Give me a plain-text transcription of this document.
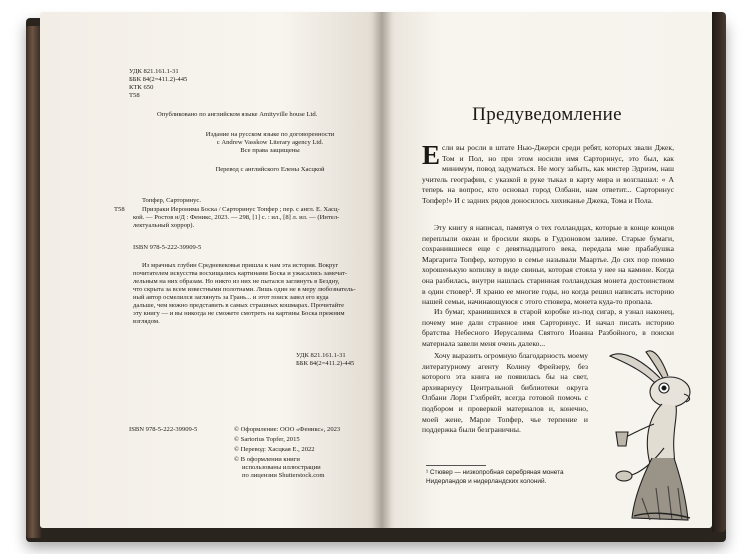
УДК 821.161.1-31
ББК 84(2=411.2)-445
КТК 650
Т58
Опубликовано по английском языке Amityville house Ltd.
Издание на русском языке по договоренности
с Andrew Vasskow Literary agency Ltd.
Все права защищены
Перевод с английского Елены Хасцкой
Топфер, Сарторинус.
Т58	Призраки Иеронима Боска / Сарторинус Топфер ; пер. с англ. Е. Хасц-
кой. — Ростов н/Д : Феникс, 2023. — 298, [1] с. : ил., [8] л. ил. — (Интел-
лектуальный хоррор).
ISBN 978-5-222-39909-5
Из мрачных глубин Средневековья пришла к нам эта история. Вокруг
почитателем искусства восхищались картинами Боска и ужасались замечат-
лельным на них образам. Но никто из них не пытался заглянуть в Бездну,
что скрыта за всем известными полотнами. Лишь один не в меру любознатель-
ный автор осмелился заглянуть за Грань... и этот поиск завел его куда
дальше, чем можно представить в самых страшных кошмарах. Прочитайте
эту книгу — и вы никогда не сможете смотреть на картины Боска прежним
взглядом.
УДК 821.161.1-31
ББК 84(2=411.2)-445
ISBN 978-5-222-39909-5	© Оформление: ООО «Феникс», 2023
© Sartorius Topfer, 2015
© Перевод: Хасцкая Е., 2022
© В оформлении книги
использованы иллюстрации
по лицензии Shutterstock.com
Предуведомление
Если вы росли в штате Нью-Джерси среди ребят, которых звали Джек, Том и Пол, но при этом носили имя Сарторинус, это был, как минимум, повод задуматься. Не могу забыть, как мистер Эдриэм, наш учитель географии, с указкой в руке тыкал в карту мира и возглашал: « А теперь на вопрос, кто основал город Олбани, нам ответит... Сарторинус Топфер!» И с задних рядов доносилось хихиканье Джека, Тома и Пола.
Эту книгу я написал, памятуя о тех голландцах, которые в конце концов переплыли океан и бросили якорь в Гудзоновом заливе. Старые бумаги, сохранившиеся еще с девятнадцатого века, передала мне прабабушка Маргарита Топфер, которую в семье называли Маартье. До сих пор помню хорошенькую копилку в виде свиньи, которая стояла у нее на камине. Когда она разбилась, внутри нашлась старинная голландская монета достоинством в один стювер¹. Я храню ее многие годы, но когда решил написать историю нашей семьи, начинающуюся с этого стювера, монета куда-то пропала.
Из бумаг, хранившихся в старой коробке из-под сигар, я узнал наконец, почему мне дали странное имя Сарторинус. И начал писать историю братства Небесного Иерусалима Святого Иоанна Разбойного, в поиски материала завели меня очень далеко...
Хочу выразить огромную благодарность моему литературному агенту Колину Фрейзеру, без которого эта книга не появилась бы на свет, архивариусу Центральной библиотеки округа Олбани Лори Гэлбрейт, всегда готовой помочь с подбором и проверкой материалов и, конечно, моей жене, Марле Топфер, чье терпение и поддержка были безграничны.
¹ Стювер — низкопробная серебряная монета
Нидерландов и нидерландских колоний.
